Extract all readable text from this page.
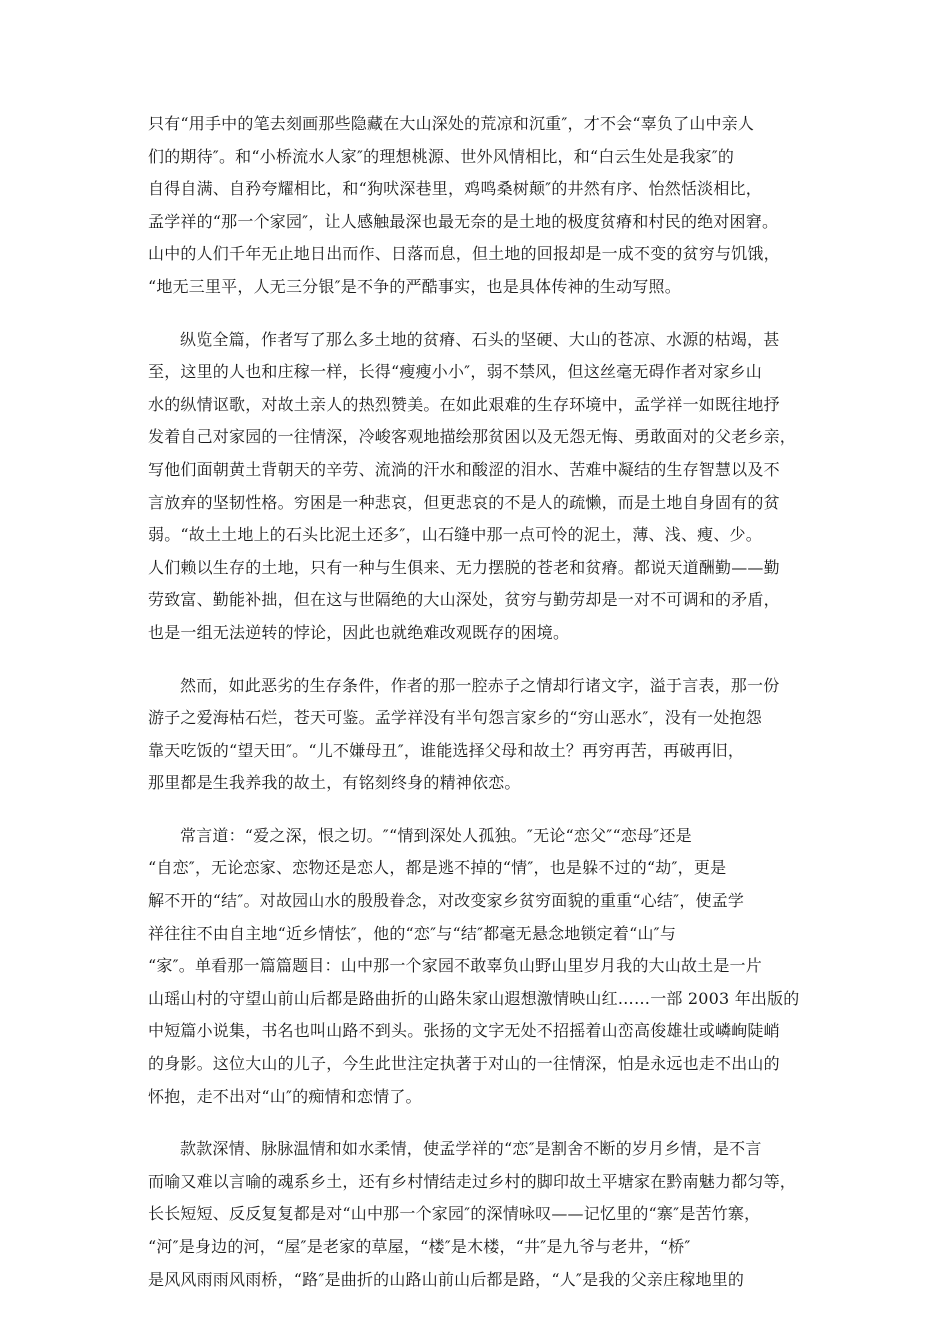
只有“用手中的笔去刻画那些隐藏在大山深处的荒凉和沉重″，才不会“辜负了山中亲人
们的期待″。和“小桥流水人家″的理想桃源、世外风情相比，和“白云生处是我家″的
自得自满、自矜夸耀相比，和“狗吠深巷里，鸡鸣桑树颠″的井然有序、怡然恬淡相比，
孟学祥的“那一个家园″，让人感触最深也最无奈的是土地的极度贫瘠和村民的绝对困窘。
山中的人们千年无止地日出而作、日落而息，但土地的回报却是一成不变的贫穷与饥饿，
“地无三里平，人无三分银″是不争的严酷事实，也是具体传神的生动写照。
纵览全篇，作者写了那么多土地的贫瘠、石头的坚硬、大山的苍凉、水源的枯竭，甚
至，这里的人也和庄稼一样，长得“瘦瘦小小″，弱不禁风，但这丝毫无碍作者对家乡山
水的纵情讴歌，对故土亲人的热烈赞美。在如此艰难的生存环境中，孟学祥一如既往地抒
发着自己对家园的一往情深，冷峻客观地描绘那贫困以及无怨无悔、勇敢面对的父老乡亲，
写他们面朝黄土背朝天的辛劳、流淌的汗水和酸涩的泪水、苦难中凝结的生存智慧以及不
言放弃的坚韧性格。穷困是一种悲哀，但更悲哀的不是人的疏懒，而是土地自身固有的贫
弱。“故土土地上的石头比泥土还多″，山石缝中那一点可怜的泥土，薄、浅、瘦、少。
人们赖以生存的土地，只有一种与生俱来、无力摆脱的苍老和贫瘠。都说天道酬勤——勤
劳致富、勤能补拙，但在这与世隔绝的大山深处，贫穷与勤劳却是一对不可调和的矛盾，
也是一组无法逆转的悖论，因此也就绝难改观既存的困境。
然而，如此恶劣的生存条件，作者的那一腔赤子之情却行诸文字，溢于言表，那一份
游子之爱海枯石烂，苍天可鉴。孟学祥没有半句怨言家乡的“穷山恶水″，没有一处抱怨
靠天吃饭的“望天田″。“儿不嫌母丑″，谁能选择父母和故土？再穷再苦，再破再旧，
那里都是生我养我的故土，有铭刻终身的精神依恋。
常言道：“爱之深，恨之切。″“情到深处人孤独。″无论“恋父″“恋母″还是
“自恋″，无论恋家、恋物还是恋人，都是逃不掉的“情″，也是躲不过的“劫″，更是
解不开的“结″。对故园山水的殷殷眷念，对改变家乡贫穷面貌的重重“心结″，使孟学
祥往往不由自主地“近乡情怯″，他的“恋″与“结″都毫无悬念地锁定着“山″与
“家″。单看那一篇篇题目：山中那一个家园不敢辜负山野山里岁月我的大山故土是一片
山瑶山村的守望山前山后都是路曲折的山路朱家山遐想激情映山红……一部 2003 年出版的
中短篇小说集，书名也叫山路不到头。张扬的文字无处不招摇着山峦高俊雄壮或嶙峋陡峭
的身影。这位大山的儿子，今生此世注定执著于对山的一往情深，怕是永远也走不出山的
怀抱，走不出对“山″的痴情和恋情了。
款款深情、脉脉温情和如水柔情，使孟学祥的“恋″是割舍不断的岁月乡情，是不言
而喻又难以言喻的魂系乡土，还有乡村情结走过乡村的脚印故土平塘家在黔南魅力都匀等，
长长短短、反反复复都是对“山中那一个家园″的深情咏叹——记忆里的“寨″是苦竹寨，
“河″是身边的河，“屋″是老家的草屋，“楼″是木楼，“井″是九爷与老井，“桥″
是风风雨雨风雨桥，“路″是曲折的山路山前山后都是路，“人″是我的父亲庄稼地里的
